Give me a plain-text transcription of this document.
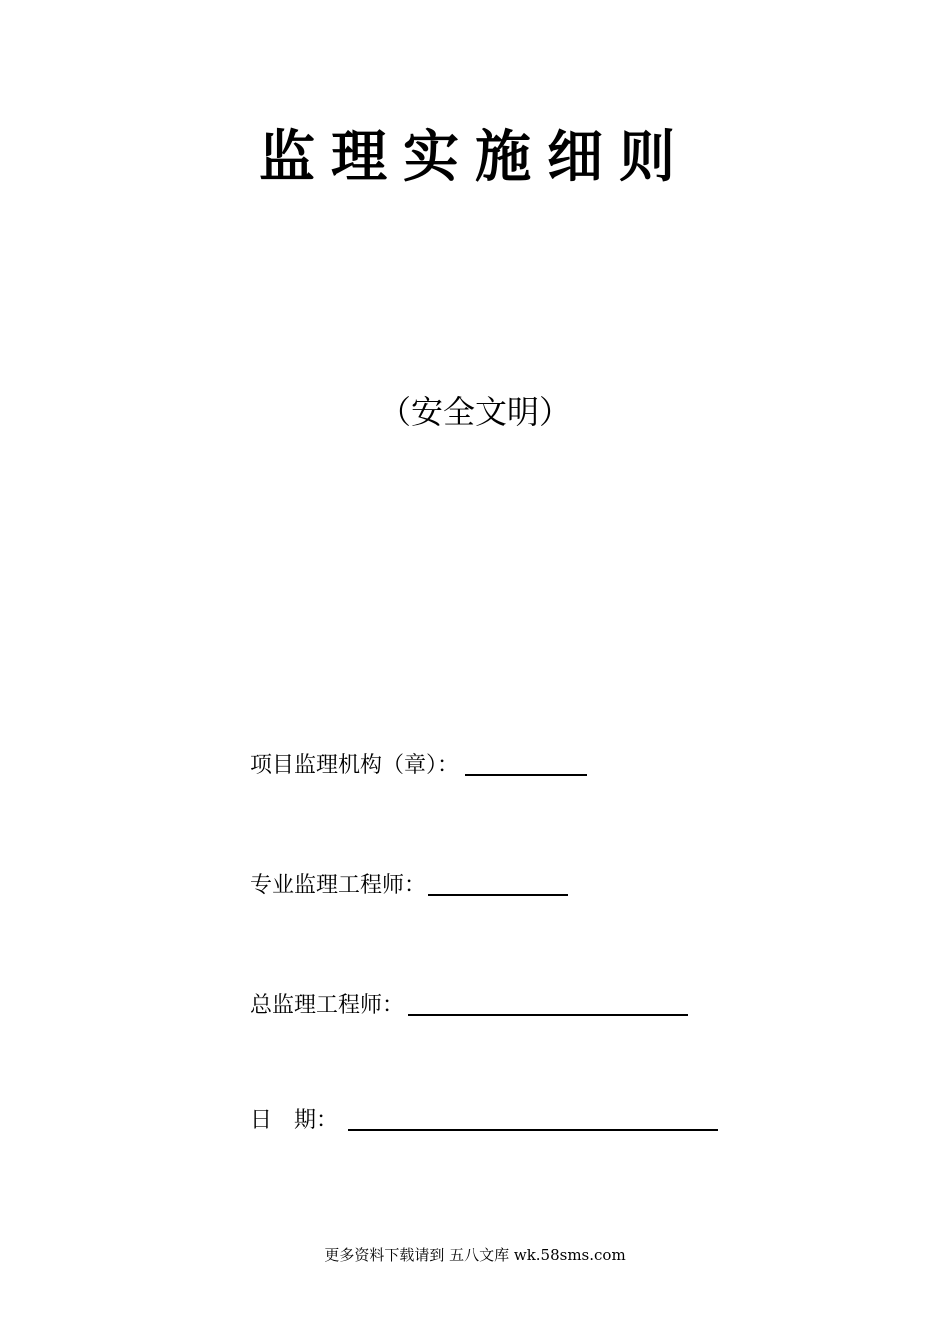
监理实施细则
（安全文明）
项目监理机构（章）：
专业监理工程师：
总监理工程师：
日　期：
更多资料下载请到 五八文库 wk.58sms.com
